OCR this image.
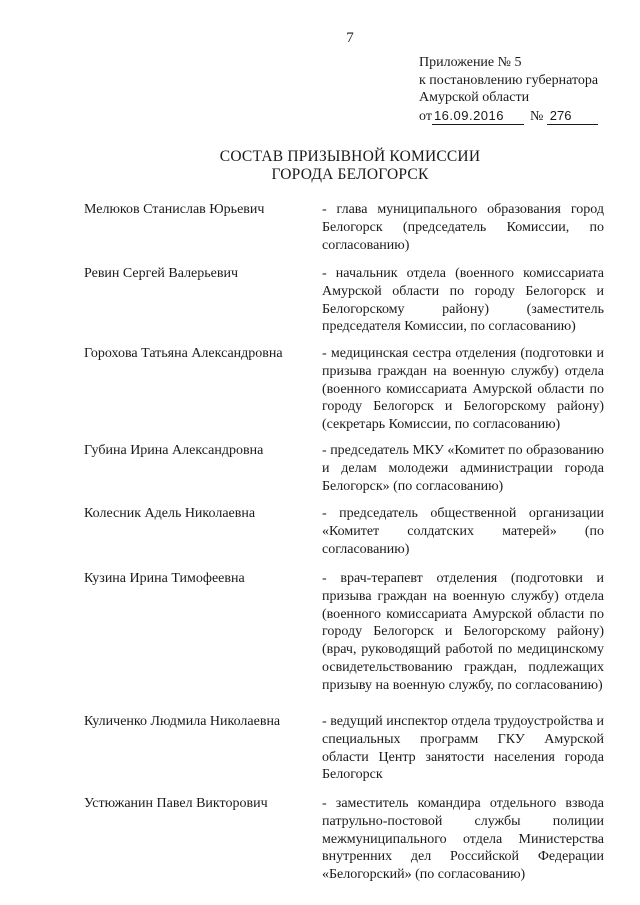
7
Приложение № 5
к постановлению губернатора
Амурской области
от 16.09.2016 № 276
СОСТАВ ПРИЗЫВНОЙ КОМИССИИ
ГОРОДА БЕЛОГОРСК
Мелюков Станислав Юрьевич	- глава муниципального образования город Белогорск (председатель Комиссии, по согласованию)
Ревин Сергей Валерьевич	- начальник отдела (военного комиссариата Амурской области по городу Белогорск и Белогорскому району) (заместитель председателя Комиссии, по согласованию)
Горохова Татьяна Александровна	- медицинская сестра отделения (подготовки и призыва граждан на военную службу) отдела (военного комиссариата Амурской области по городу Белогорск и Белогорскому району) (секретарь Комиссии, по согласованию)
Губина Ирина Александровна	- председатель МКУ «Комитет по образованию и делам молодежи администрации города Белогорск» (по согласованию)
Колесник Адель Николаевна	- председатель общественной организации «Комитет солдатских матерей» (по согласованию)
Кузина Ирина Тимофеевна	- врач-терапевт отделения (подготовки и призыва граждан на военную службу) отдела (военного комиссариата Амурской области по городу Белогорск и Белогорскому району) (врач, руководящий работой по медицинскому освидетельствованию граждан, подлежащих призыву на военную службу, по согласованию)
Куличенко Людмила Николаевна	- ведущий инспектор отдела трудоустройства и специальных программ ГКУ Амурской области Центр занятости населения города Белогорск
Устюжанин Павел Викторович	- заместитель командира отдельного взвода патрульно-постовой службы полиции межмуниципального отдела Министерства внутренних дел Российской Федерации «Белогорский» (по согласованию)
